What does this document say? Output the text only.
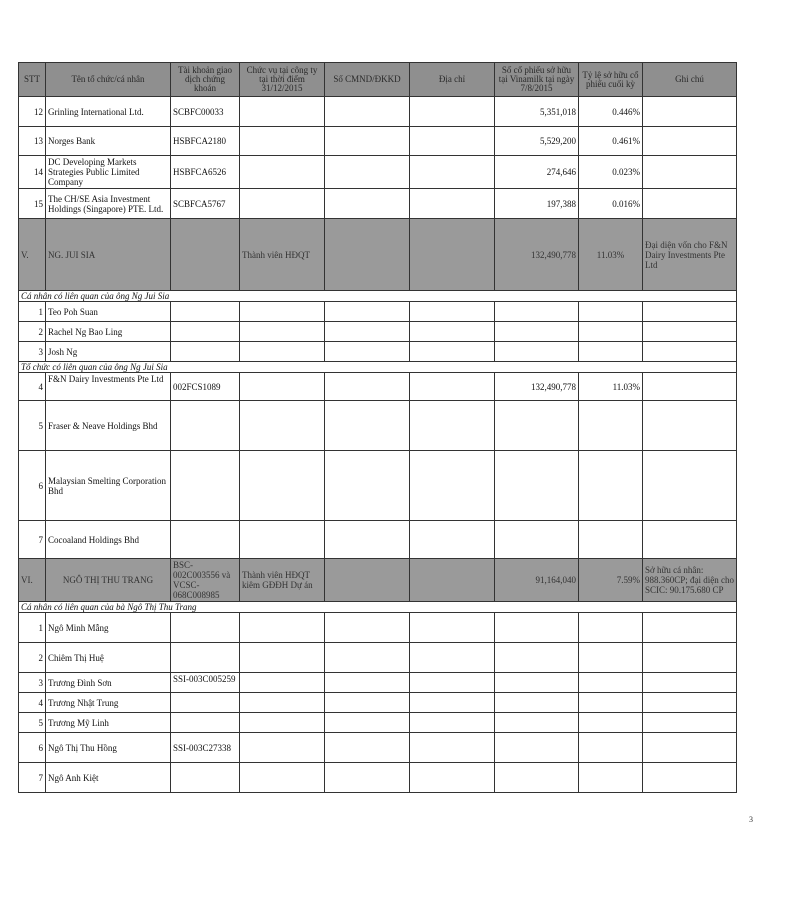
STT	Tên tổ chức/cá nhân	Tài khoản giao dịch chứng khoán	Chức vụ tại công ty tại thời điểm 31/12/2015	Số CMND/ĐKKD	Địa chỉ	Số cổ phiếu sở hữu tại Vinamilk tại ngày 7/8/2015	Tỷ lệ sở hữu cổ phiếu cuối kỳ	Ghi chú
12	Grinling International Ltd.	SCBFC00033				5,351,018	0.446%	
13	Norges Bank	HSBFCA2180				5,529,200	0.461%	
14	DC Developing Markets Strategies Public Limited Company	HSBFCA6526				274,646	0.023%	
15	The CH/SE Asia Investment Holdings (Singapore) PTE. Ltd.	SCBFCA5767				197,388	0.016%	
V.	NG. JUI SIA		Thành viên HĐQT			132,490,778	11.03%	Đại diện vốn cho F&N Dairy Investments Pte Ltd
Cá nhân có liên quan của ông Ng Jui Sia								
1	Teo Poh Suan							
2	Rachel Ng Bao Ling							
3	Josh Ng							
Tổ chức có liên quan của ông Ng Jui Sia								
4	F&N Dairy Investments Pte Ltd	002FCS1089				132,490,778	11.03%	
5	Fraser & Neave Holdings Bhd							
6	Malaysian Smelting Corporation Bhd							
7	Cocoaland Holdings Bhd							
VI.	NGÔ THỊ THU TRANG	BSC-002C003556 và VCSC-068C008985	Thành viên HĐQT kiêm GĐĐH Dự án			91,164,040	7.59%	Sở hữu cá nhân: 988.360CP; đại diện cho SCIC: 90.175.680 CP
Cá nhân có liên quan của bà Ngô Thị Thu Trang								
1	Ngô Minh Mẫng							
2	Chiêm Thị Huệ							
3	Trương Đình Sơn	SSI-003C005259						
4	Trương Nhật Trung							
5	Trương Mỹ Linh							
6	Ngô Thị Thu Hồng	SSI-003C27338						
7	Ngô Anh Kiệt							
3
